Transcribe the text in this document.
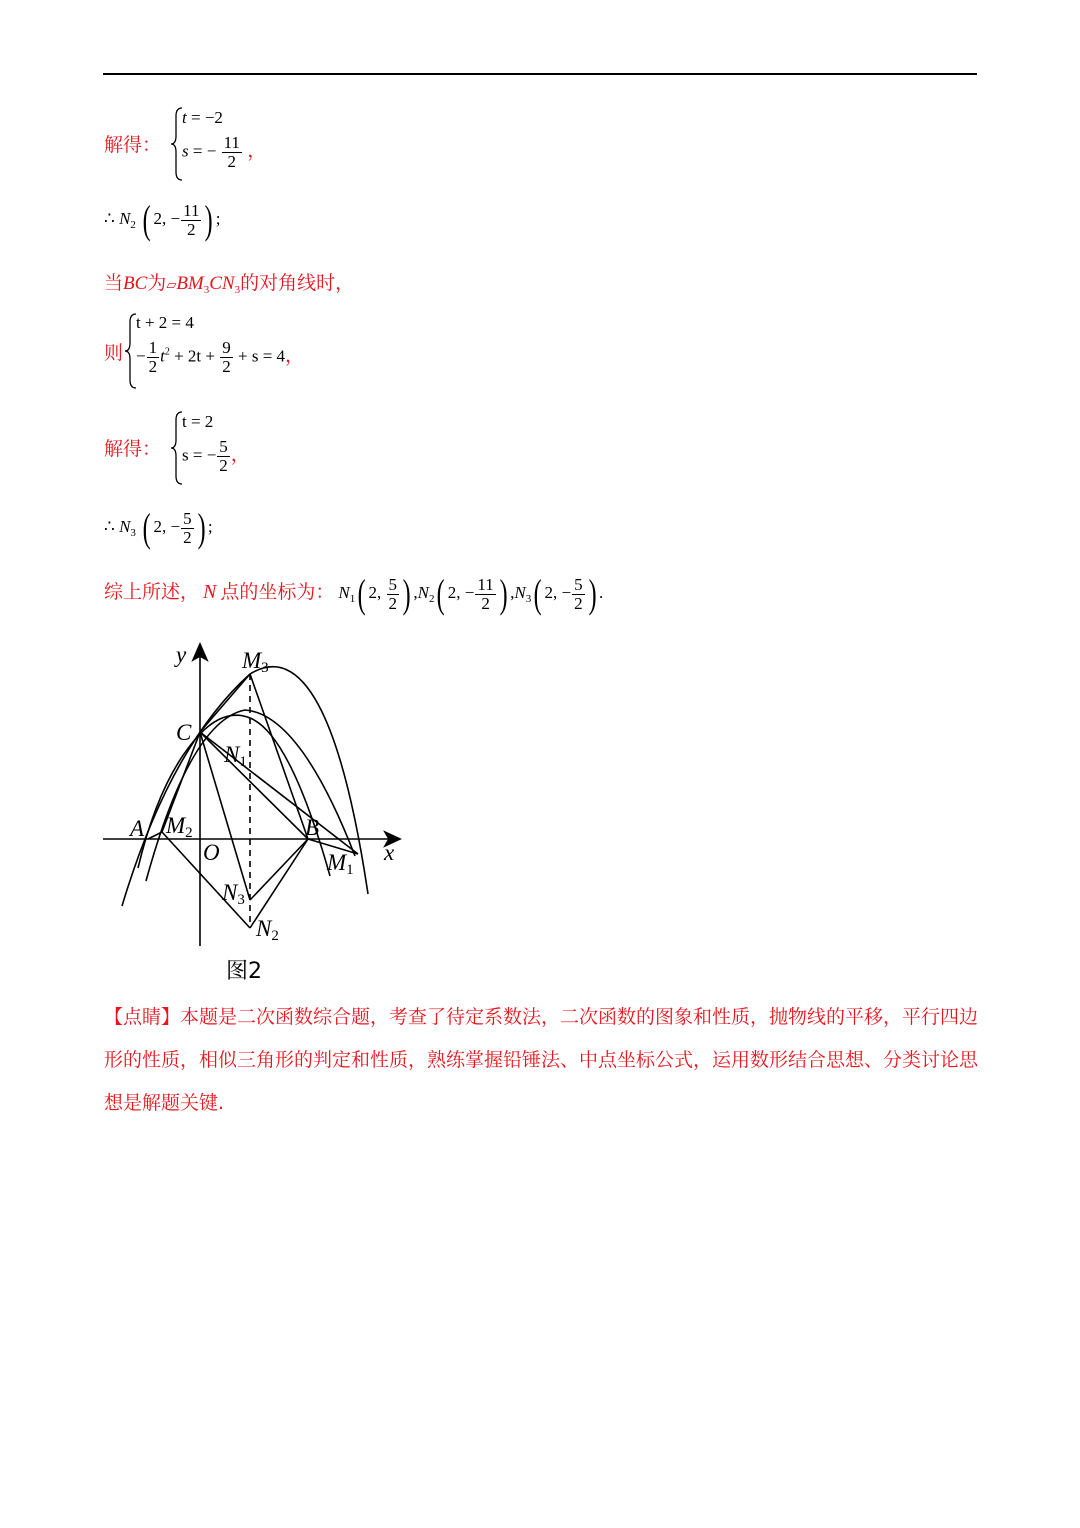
解得：
t = −2
s = − $\frac{11}{2}$ ，
∴ $N_2$ ( 2, − $\frac{11}{2}$ ) ;
当BC为$▱BM_3CN_3$的对角线时，
则
t + 2 = 4
− $\frac{1}{2} t^2 + 2t + \frac{9}{2} + s = 4$，
解得：
t = 2
s = − $\frac{5}{2}$ ，
∴ $N_3$ ( 2, − $\frac{5}{2}$ ) ;
综上所述， N 点的坐标为： $N_1$( 2, $\frac{5}{2}$ ) $,N_2$( 2, − $\frac{11}{2}$ ) $,N_3$( 2, − $\frac{5}{2}$ ) .
y
x
O
A	B
C
M3
N1
M2
M1
N3
N2
图2
【点睛】本题是二次函数综合题，考查了待定系数法，二次函数的图象和性质，抛物线的平移，平行四边形的性质，相似三角形的判定和性质，熟练掌握铅锤法、中点坐标公式，运用数形结合思想、分类讨论思想是解题关键.
